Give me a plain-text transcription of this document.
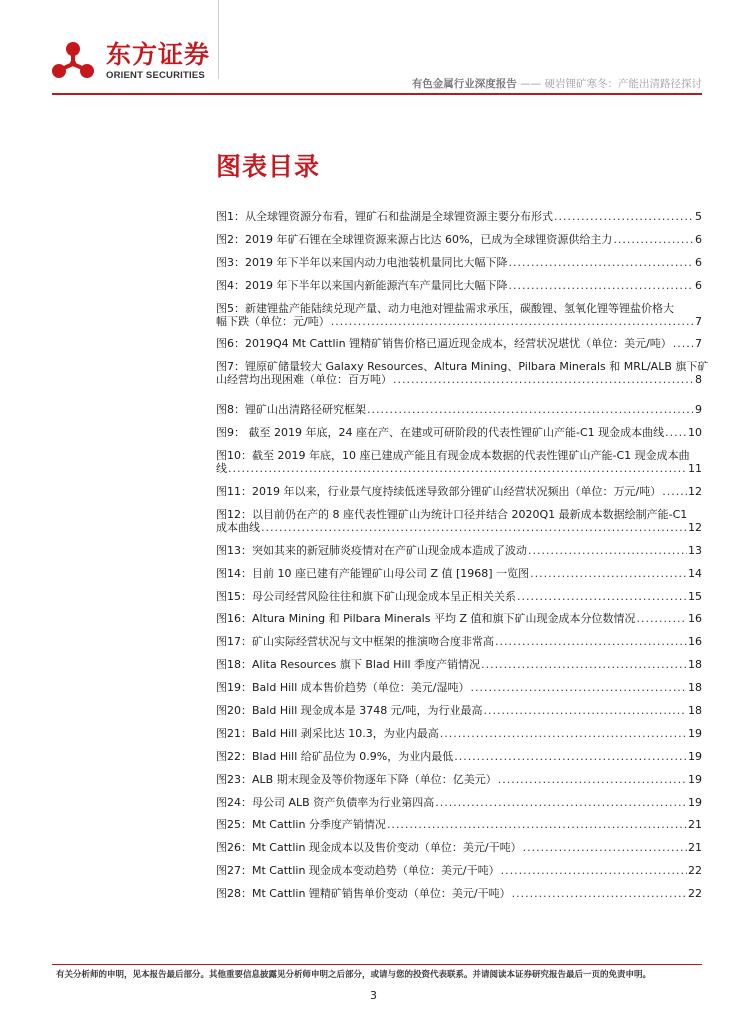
东方证券
ORIENT SECURITIES
有色金属行业深度报告 —— 硬岩锂矿寒冬：产能出清路径探讨
图表目录
图1：从全球锂资源分布看，锂矿石和盐湖是全球锂资源主要分布形式 .....	5
图2：2019 年矿石锂在全球锂资源来源占比达 60%，已成为全球锂资源供给主力 .....	6
图3：2019 年下半年以来国内动力电池装机量同比大幅下降 .....	6
图4：2019 年下半年以来国内新能源汽车产量同比大幅下降 .....	6
图5：新建锂盐产能陆续兑现产量、动力电池对锂盐需求承压，碳酸锂、氢氧化锂等锂盐价格大
幅下跌（单位：元/吨） .....	7
图6：2019Q4 Mt Cattlin 锂精矿销售价格已逼近现金成本，经营状况堪忧（单位：美元/吨） ..... 7
图7：锂原矿储量较大 Galaxy Resources、Altura Mining、Pilbara Minerals 和 MRL/ALB 旗下矿
山经营均出现困难（单位：百万吨） .....	8
图8：锂矿山出清路径研究框架 .....	9
图9： 截至 2019 年底，24 座在产、在建或可研阶段的代表性锂矿山产能-C1 现金成本曲线 ..... 10
图10：截至 2019 年底，10 座已建成产能且有现金成本数据的代表性锂矿山产能-C1 现金成本曲
线 .....	11
图11：2019 年以来，行业景气度持续低迷导致部分锂矿山经营状况频出（单位：万元/吨） ..... 12
图12：以目前仍在产的 8 座代表性锂矿山为统计口径并结合 2020Q1 最新成本数据绘制产能-C1
成本曲线 .....	12
图13：突如其来的新冠肺炎疫情对在产矿山现金成本造成了波动 .....	13
图14：目前 10 座已建有产能锂矿山母公司 Z 值 [1968] 一览图 .....	14
图15：母公司经营风险往往和旗下矿山现金成本呈正相关关系 .....	15
图16：Altura Mining 和 Pilbara Minerals 平均 Z 值和旗下矿山现金成本分位数情况 .....	16
图17：矿山实际经营状况与文中框架的推演吻合度非常高 .....	16
图18：Alita Resources 旗下 Blad Hill 季度产销情况 .....	18
图19：Bald Hill 成本售价趋势（单位：美元/湿吨） .....	18
图20：Bald Hill 现金成本是 3748 元/吨，为行业最高 .....	18
图21：Bald Hill 剥采比达 10.3，为业内最高 .....	19
图22：Blad Hill 给矿品位为 0.9%，为业内最低 .....	19
图23：ALB 期末现金及等价物逐年下降（单位：亿美元） .....	19
图24：母公司 ALB 资产负债率为行业第四高 .....	19
图25：Mt Cattlin 分季度产销情况 .....	21
图26：Mt Cattlin 现金成本以及售价变动（单位：美元/干吨） .....	21
图27：Mt Cattlin 现金成本变动趋势（单位：美元/干吨） .....	22
图28：Mt Cattlin 锂精矿销售单价变动（单位：美元/干吨） .....	22
有关分析师的申明，见本报告最后部分。其他重要信息披露见分析师申明之后部分，或请与您的投资代表联系。并请阅读本证券研究报告最后一页的免责申明。
3
